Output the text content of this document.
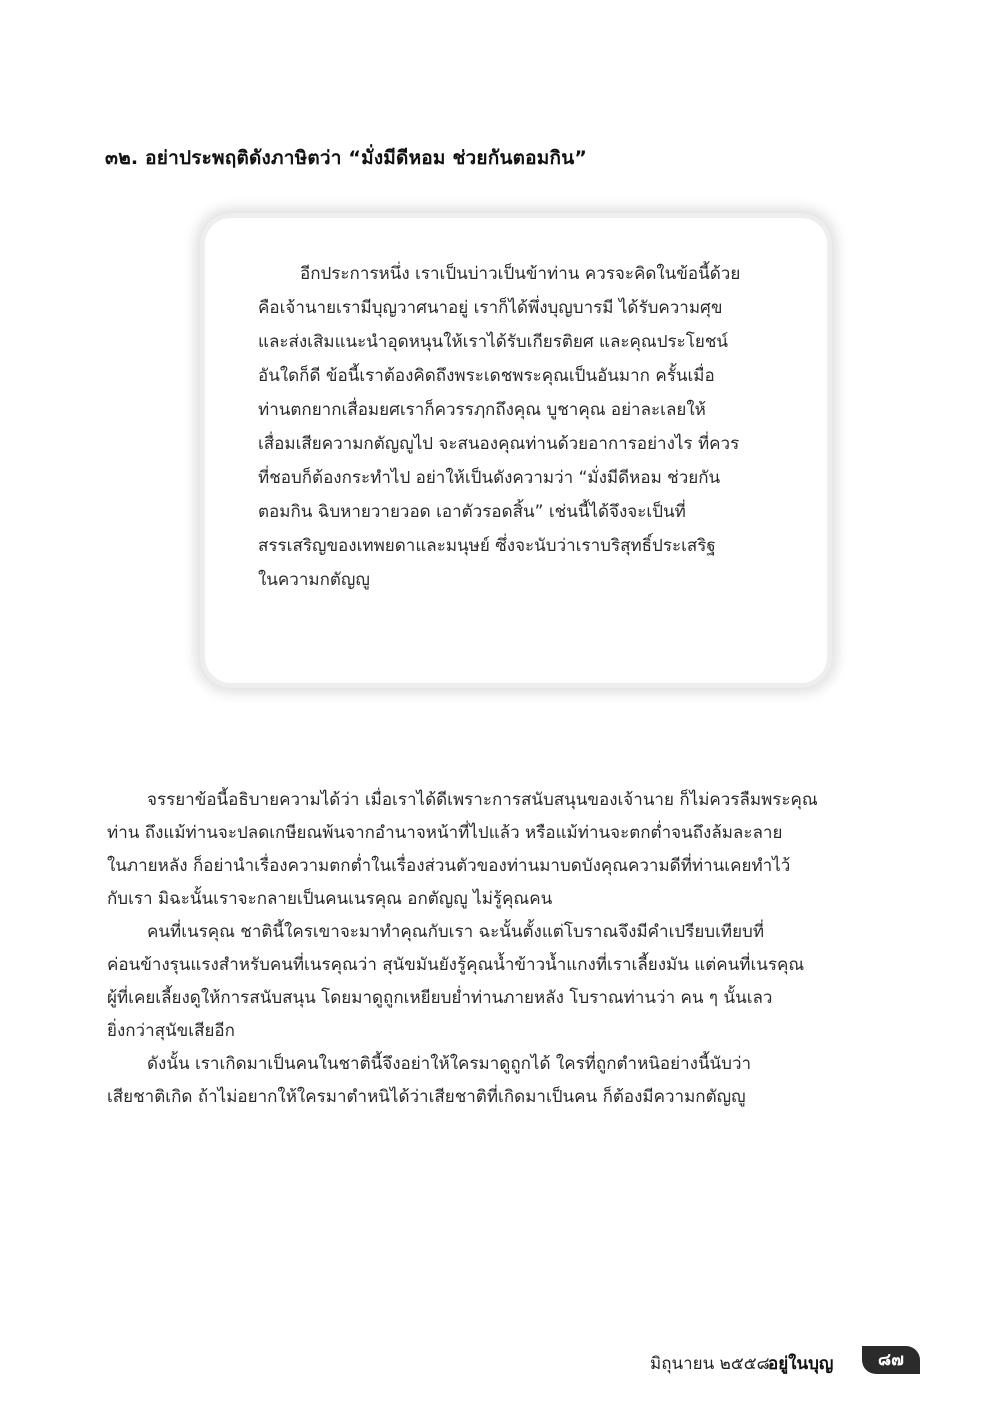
๓๒. อย่าประพฤติดังภาษิตว่า “มั่งมีดีหอม ช่วยกันตอมกิน”
อีกประการหนึ่ง เราเป็นบ่าวเป็นข้าท่าน ควรจะคิดในข้อนี้ด้วย
คือเจ้านายเรามีบุญวาศนาอยู่ เราก็ได้พึ่งบุญบารมี ได้รับความศุข
และส่งเสิมแนะนำอุดหนุนให้เราได้รับเกียรติยศ และคุณประโยชน์
อันใดก็ดี ข้อนี้เราต้องคิดถึงพระเดชพระคุณเป็นอันมาก ครั้นเมื่อ
ท่านตกยากเสื่อมยศเราก็ควรรฦกถึงคุณ บูชาคุณ อย่าละเลยให้
เสื่อมเสียความกตัญญูไป จะสนองคุณท่านด้วยอาการอย่างไร ที่ควร
ที่ชอบก็ต้องกระทำไป อย่าให้เป็นดังความว่า “มั่งมีดีหอม ช่วยกัน
ตอมกิน ฉิบหายวายวอด เอาตัวรอดสิ้น” เช่นนี้ได้จึงจะเป็นที่
สรรเสริญของเทพยดาและมนุษย์ ซึ่งจะนับว่าเราบริสุทธิ์ประเสริฐ
ในความกตัญญู
จรรยาข้อนี้อธิบายความได้ว่า เมื่อเราได้ดีเพราะการสนับสนุนของเจ้านาย ก็ไม่ควรลืมพระคุณ
ท่าน ถึงแม้ท่านจะปลดเกษียณพ้นจากอำนาจหน้าที่ไปแล้ว หรือแม้ท่านจะตกต่ำจนถึงล้มละลาย
ในภายหลัง ก็อย่านำเรื่องความตกต่ำในเรื่องส่วนตัวของท่านมาบดบังคุณความดีที่ท่านเคยทำไว้
กับเรา มิฉะนั้นเราจะกลายเป็นคนเนรคุณ อกตัญญู ไม่รู้คุณคน
คนที่เนรคุณ ชาตินี้ใครเขาจะมาทำคุณกับเรา ฉะนั้นตั้งแต่โบราณจึงมีคำเปรียบเทียบที่
ค่อนข้างรุนแรงสำหรับคนที่เนรคุณว่า สุนัขมันยังรู้คุณน้ำข้าวน้ำแกงที่เราเลี้ยงมัน แต่คนที่เนรคุณ
ผู้ที่เคยเลี้ยงดูให้การสนับสนุน โดยมาดูถูกเหยียบย่ำท่านภายหลัง โบราณท่านว่า คน ๆ นั้นเลว
ยิ่งกว่าสุนัขเสียอีก
ดังนั้น เราเกิดมาเป็นคนในชาตินี้จึงอย่าให้ใครมาดูถูกได้ ใครที่ถูกตำหนิอย่างนี้นับว่า
เสียชาติเกิด ถ้าไม่อยากให้ใครมาตำหนิได้ว่าเสียชาติที่เกิดมาเป็นคน ก็ต้องมีความกตัญญู
มิถุนายน ๒๕๕๘
อยู่ในบุญ	๘๗
